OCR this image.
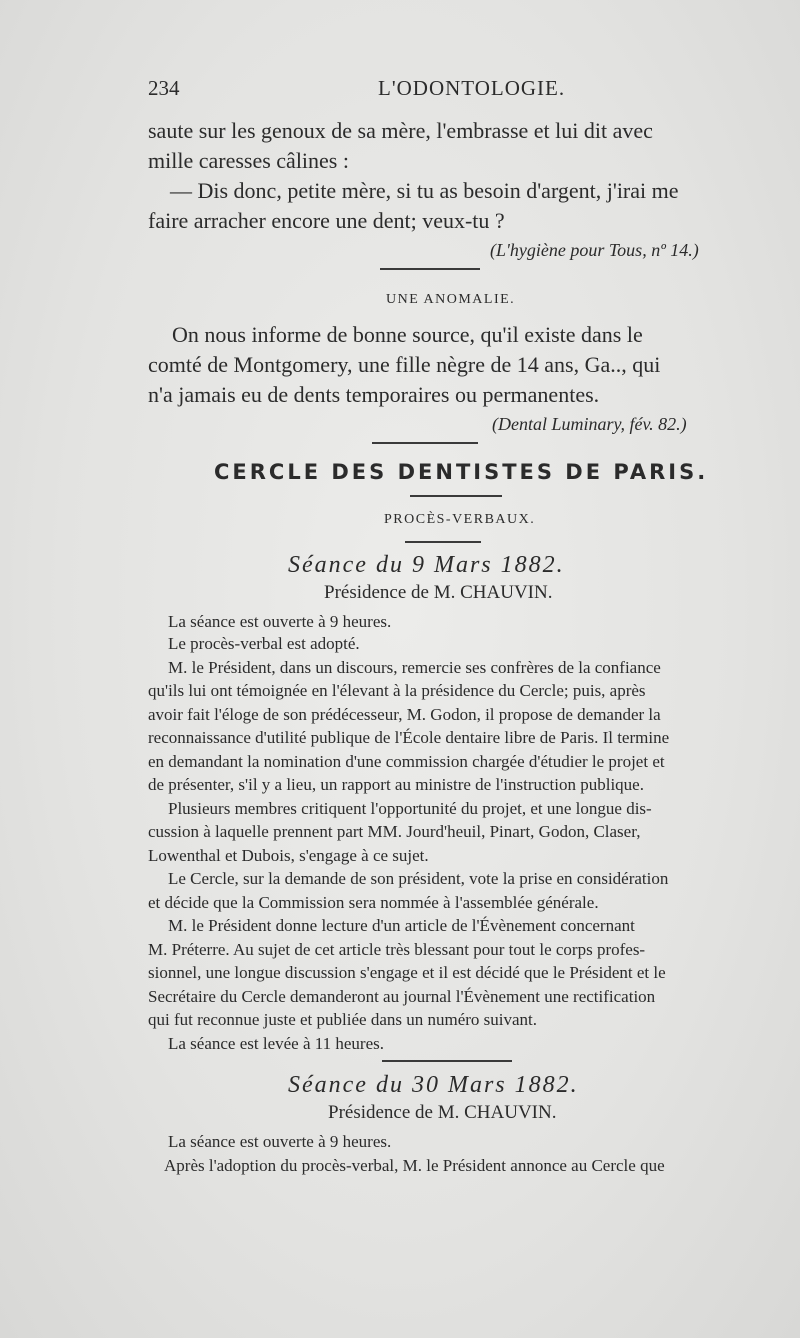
234	L'ODONTOLOGIE.
saute sur les genoux de sa mère, l'embrasse et lui dit avec
mille caresses câlines :
— Dis donc, petite mère, si tu as besoin d'argent, j'irai me
faire arracher encore une dent; veux-tu ?
(L'hygiène pour Tous, nº 14.)
UNE ANOMALIE.
On nous informe de bonne source, qu'il existe dans le
comté de Montgomery, une fille nègre de 14 ans, Ga.., qui
n'a jamais eu de dents temporaires ou permanentes.
(Dental Luminary, fév. 82.)
CERCLE DES DENTISTES DE PARIS.
PROCÈS-VERBAUX.
Séance du 9 Mars 1882.
Présidence de M. CHAUVIN.
La séance est ouverte à 9 heures.
Le procès-verbal est adopté.
M. le Président, dans un discours, remercie ses confrères de la confiance
qu'ils lui ont témoignée en l'élevant à la présidence du Cercle; puis, après
avoir fait l'éloge de son prédécesseur, M. Godon, il propose de demander la
reconnaissance d'utilité publique de l'École dentaire libre de Paris. Il termine
en demandant la nomination d'une commission chargée d'étudier le projet et
de présenter, s'il y a lieu, un rapport au ministre de l'instruction publique.
Plusieurs membres critiquent l'opportunité du projet, et une longue dis-
cussion à laquelle prennent part MM. Jourd'heuil, Pinart, Godon, Claser,
Lowenthal et Dubois, s'engage à ce sujet.
Le Cercle, sur la demande de son président, vote la prise en considération
et décide que la Commission sera nommée à l'assemblée générale.
M. le Président donne lecture d'un article de l'Évènement concernant
M. Préterre. Au sujet de cet article très blessant pour tout le corps profes-
sionnel, une longue discussion s'engage et il est décidé que le Président et le
Secrétaire du Cercle demanderont au journal l'Évènement une rectification
qui fut reconnue juste et publiée dans un numéro suivant.
La séance est levée à 11 heures.
Séance du 30 Mars 1882.
Présidence de M. CHAUVIN.
La séance est ouverte à 9 heures.
Après l'adoption du procès-verbal, M. le Président annonce au Cercle que
